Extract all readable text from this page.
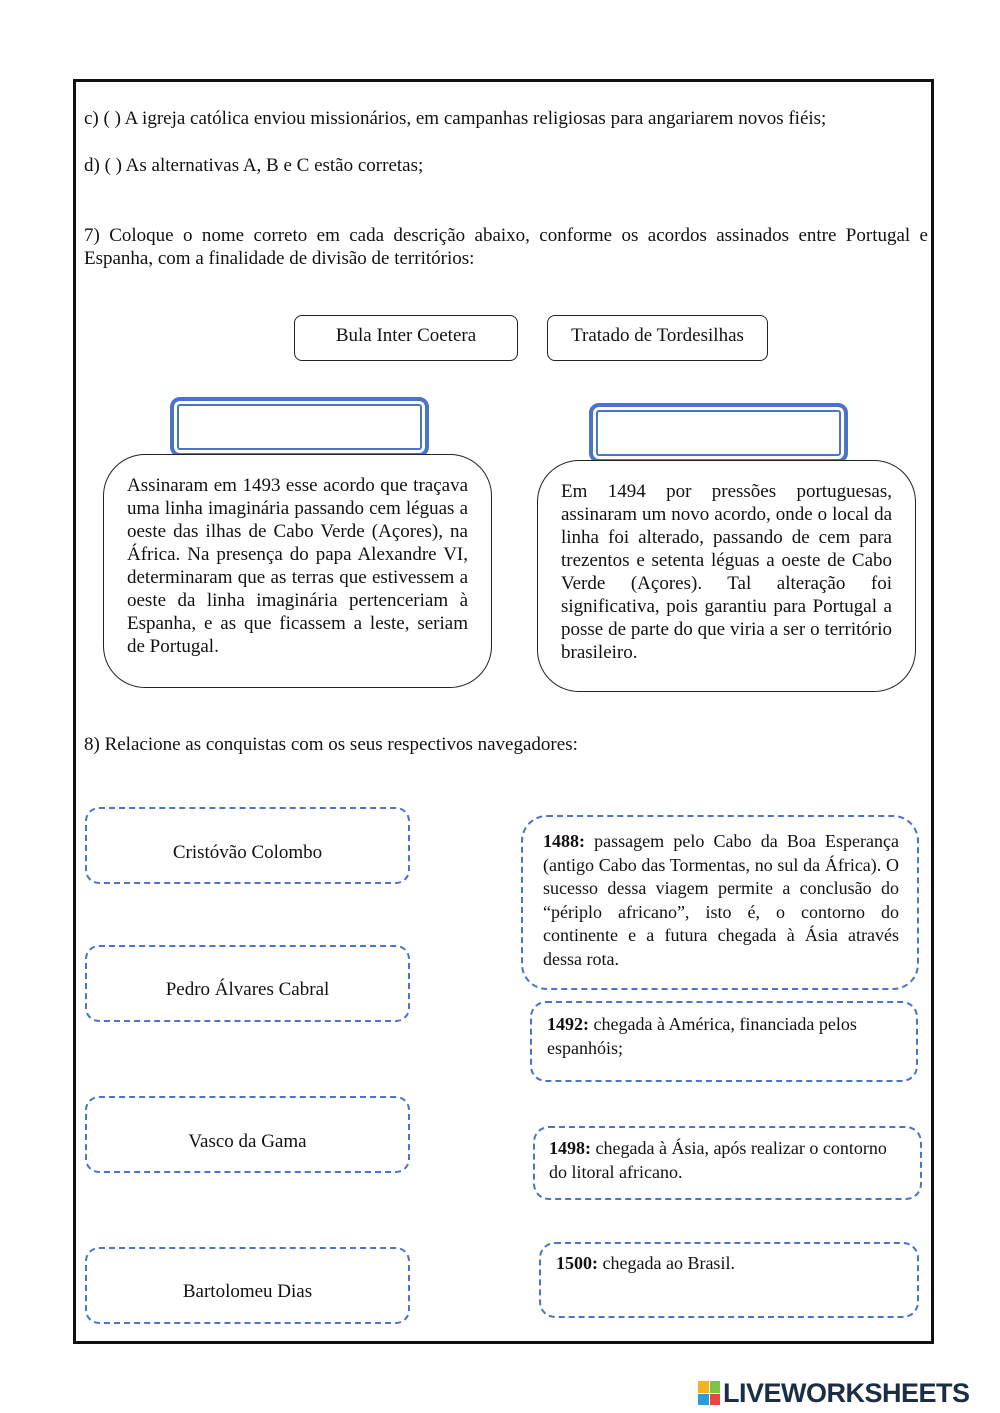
c) ( ) A igreja católica enviou missionários, em campanhas religiosas para angariarem novos fiéis;
d) ( ) As alternativas A, B e C estão corretas;
7) Coloque o nome correto em cada descrição abaixo, conforme os acordos assinados entre Portugal e Espanha, com a finalidade de divisão de territórios:
Bula Inter Coetera	Tratado de Tordesilhas
Assinaram em 1493 esse acordo que traçava uma linha imaginária passando cem léguas a oeste das ilhas de Cabo Verde (Açores), na África. Na presença do papa Alexandre VI, determinaram que as terras que estivessem a oeste da linha imaginária pertenceriam à Espanha, e as que ficassem a leste, seriam de Portugal.
Em 1494 por pressões portuguesas, assinaram um novo acordo, onde o local da linha foi alterado, passando de cem para trezentos e setenta léguas a oeste de Cabo Verde (Açores). Tal alteração foi significativa, pois garantiu para Portugal a posse de parte do que viria a ser o território brasileiro.
8) Relacione as conquistas com os seus respectivos navegadores:
Cristóvão Colombo
Pedro Álvares Cabral
Vasco da Gama
Bartolomeu Dias
1488: passagem pelo Cabo da Boa Esperança (antigo Cabo das Tormentas, no sul da África). O sucesso dessa viagem permite a conclusão do “périplo africano”, isto é, o contorno do continente e a futura chegada à Ásia através dessa rota.
1492: chegada à América, financiada pelos espanhóis;
1498: chegada à Ásia, após realizar o contorno do litoral africano.
1500: chegada ao Brasil.
LIVEWORKSHEETS
